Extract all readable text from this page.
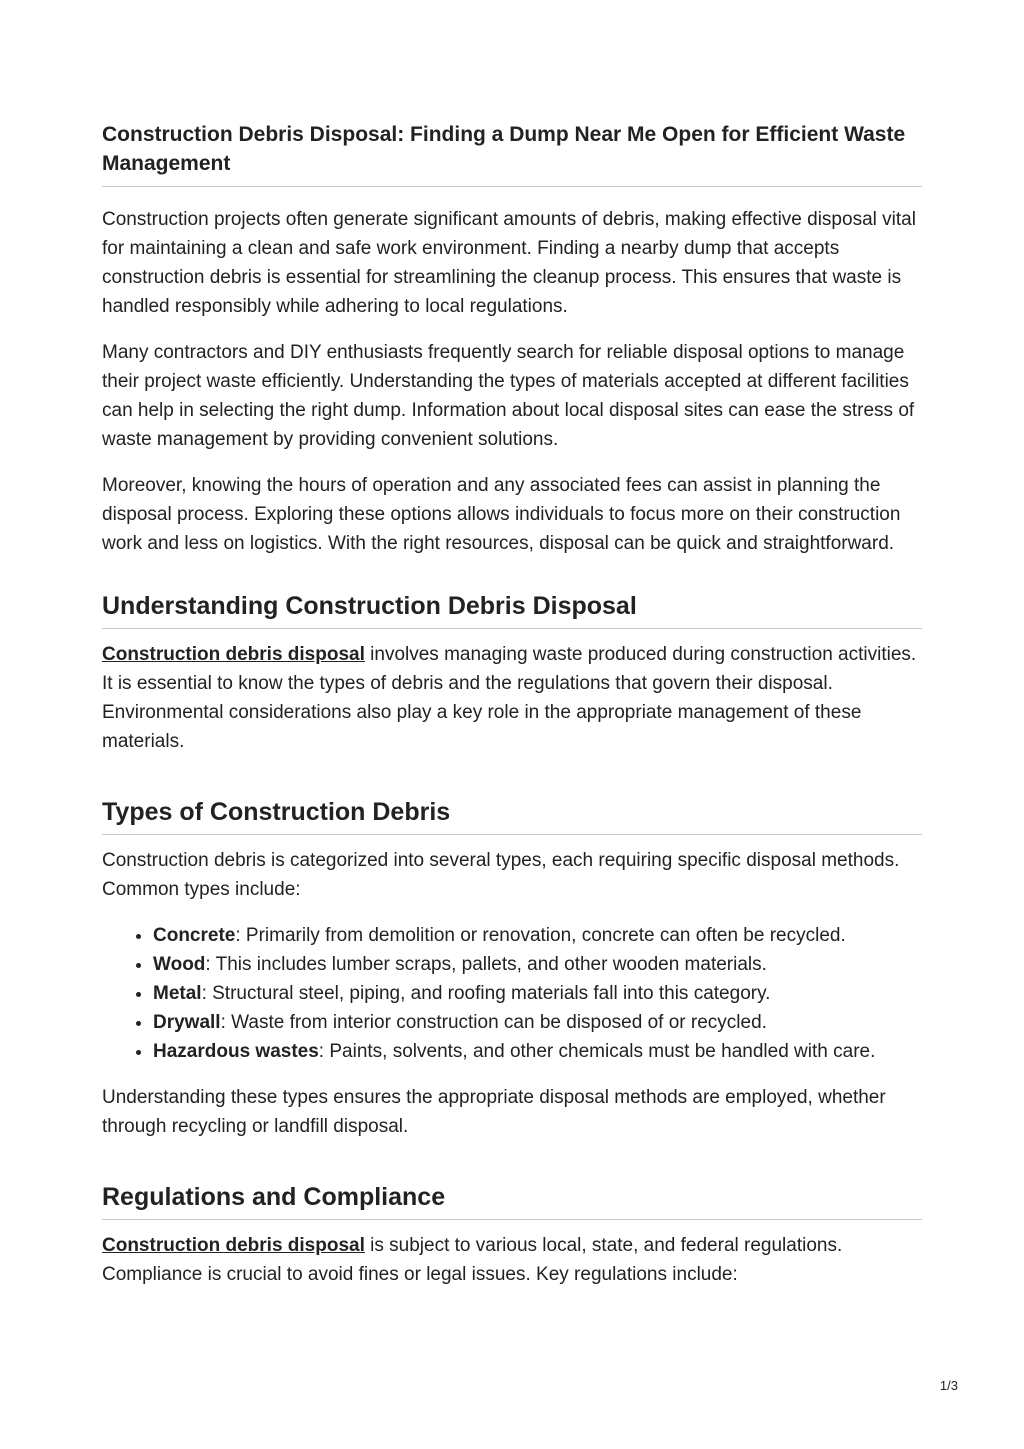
Construction Debris Disposal: Finding a Dump Near Me Open for Efficient Waste Management

Construction projects often generate significant amounts of debris, making effective disposal vital for maintaining a clean and safe work environment. Finding a nearby dump that accepts construction debris is essential for streamlining the cleanup process. This ensures that waste is handled responsibly while adhering to local regulations.

Many contractors and DIY enthusiasts frequently search for reliable disposal options to manage their project waste efficiently. Understanding the types of materials accepted at different facilities can help in selecting the right dump. Information about local disposal sites can ease the stress of waste management by providing convenient solutions.

Moreover, knowing the hours of operation and any associated fees can assist in planning the disposal process. Exploring these options allows individuals to focus more on their construction work and less on logistics. With the right resources, disposal can be quick and straightforward.

Understanding Construction Debris Disposal

Construction debris disposal involves managing waste produced during construction activities. It is essential to know the types of debris and the regulations that govern their disposal. Environmental considerations also play a key role in the appropriate management of these materials.

Types of Construction Debris

Construction debris is categorized into several types, each requiring specific disposal methods. Common types include:

• Concrete: Primarily from demolition or renovation, concrete can often be recycled.
• Wood: This includes lumber scraps, pallets, and other wooden materials.
• Metal: Structural steel, piping, and roofing materials fall into this category.
• Drywall: Waste from interior construction can be disposed of or recycled.
• Hazardous wastes: Paints, solvents, and other chemicals must be handled with care.

Understanding these types ensures the appropriate disposal methods are employed, whether through recycling or landfill disposal.

Regulations and Compliance

Construction debris disposal is subject to various local, state, and federal regulations. Compliance is crucial to avoid fines or legal issues. Key regulations include:

1/3
